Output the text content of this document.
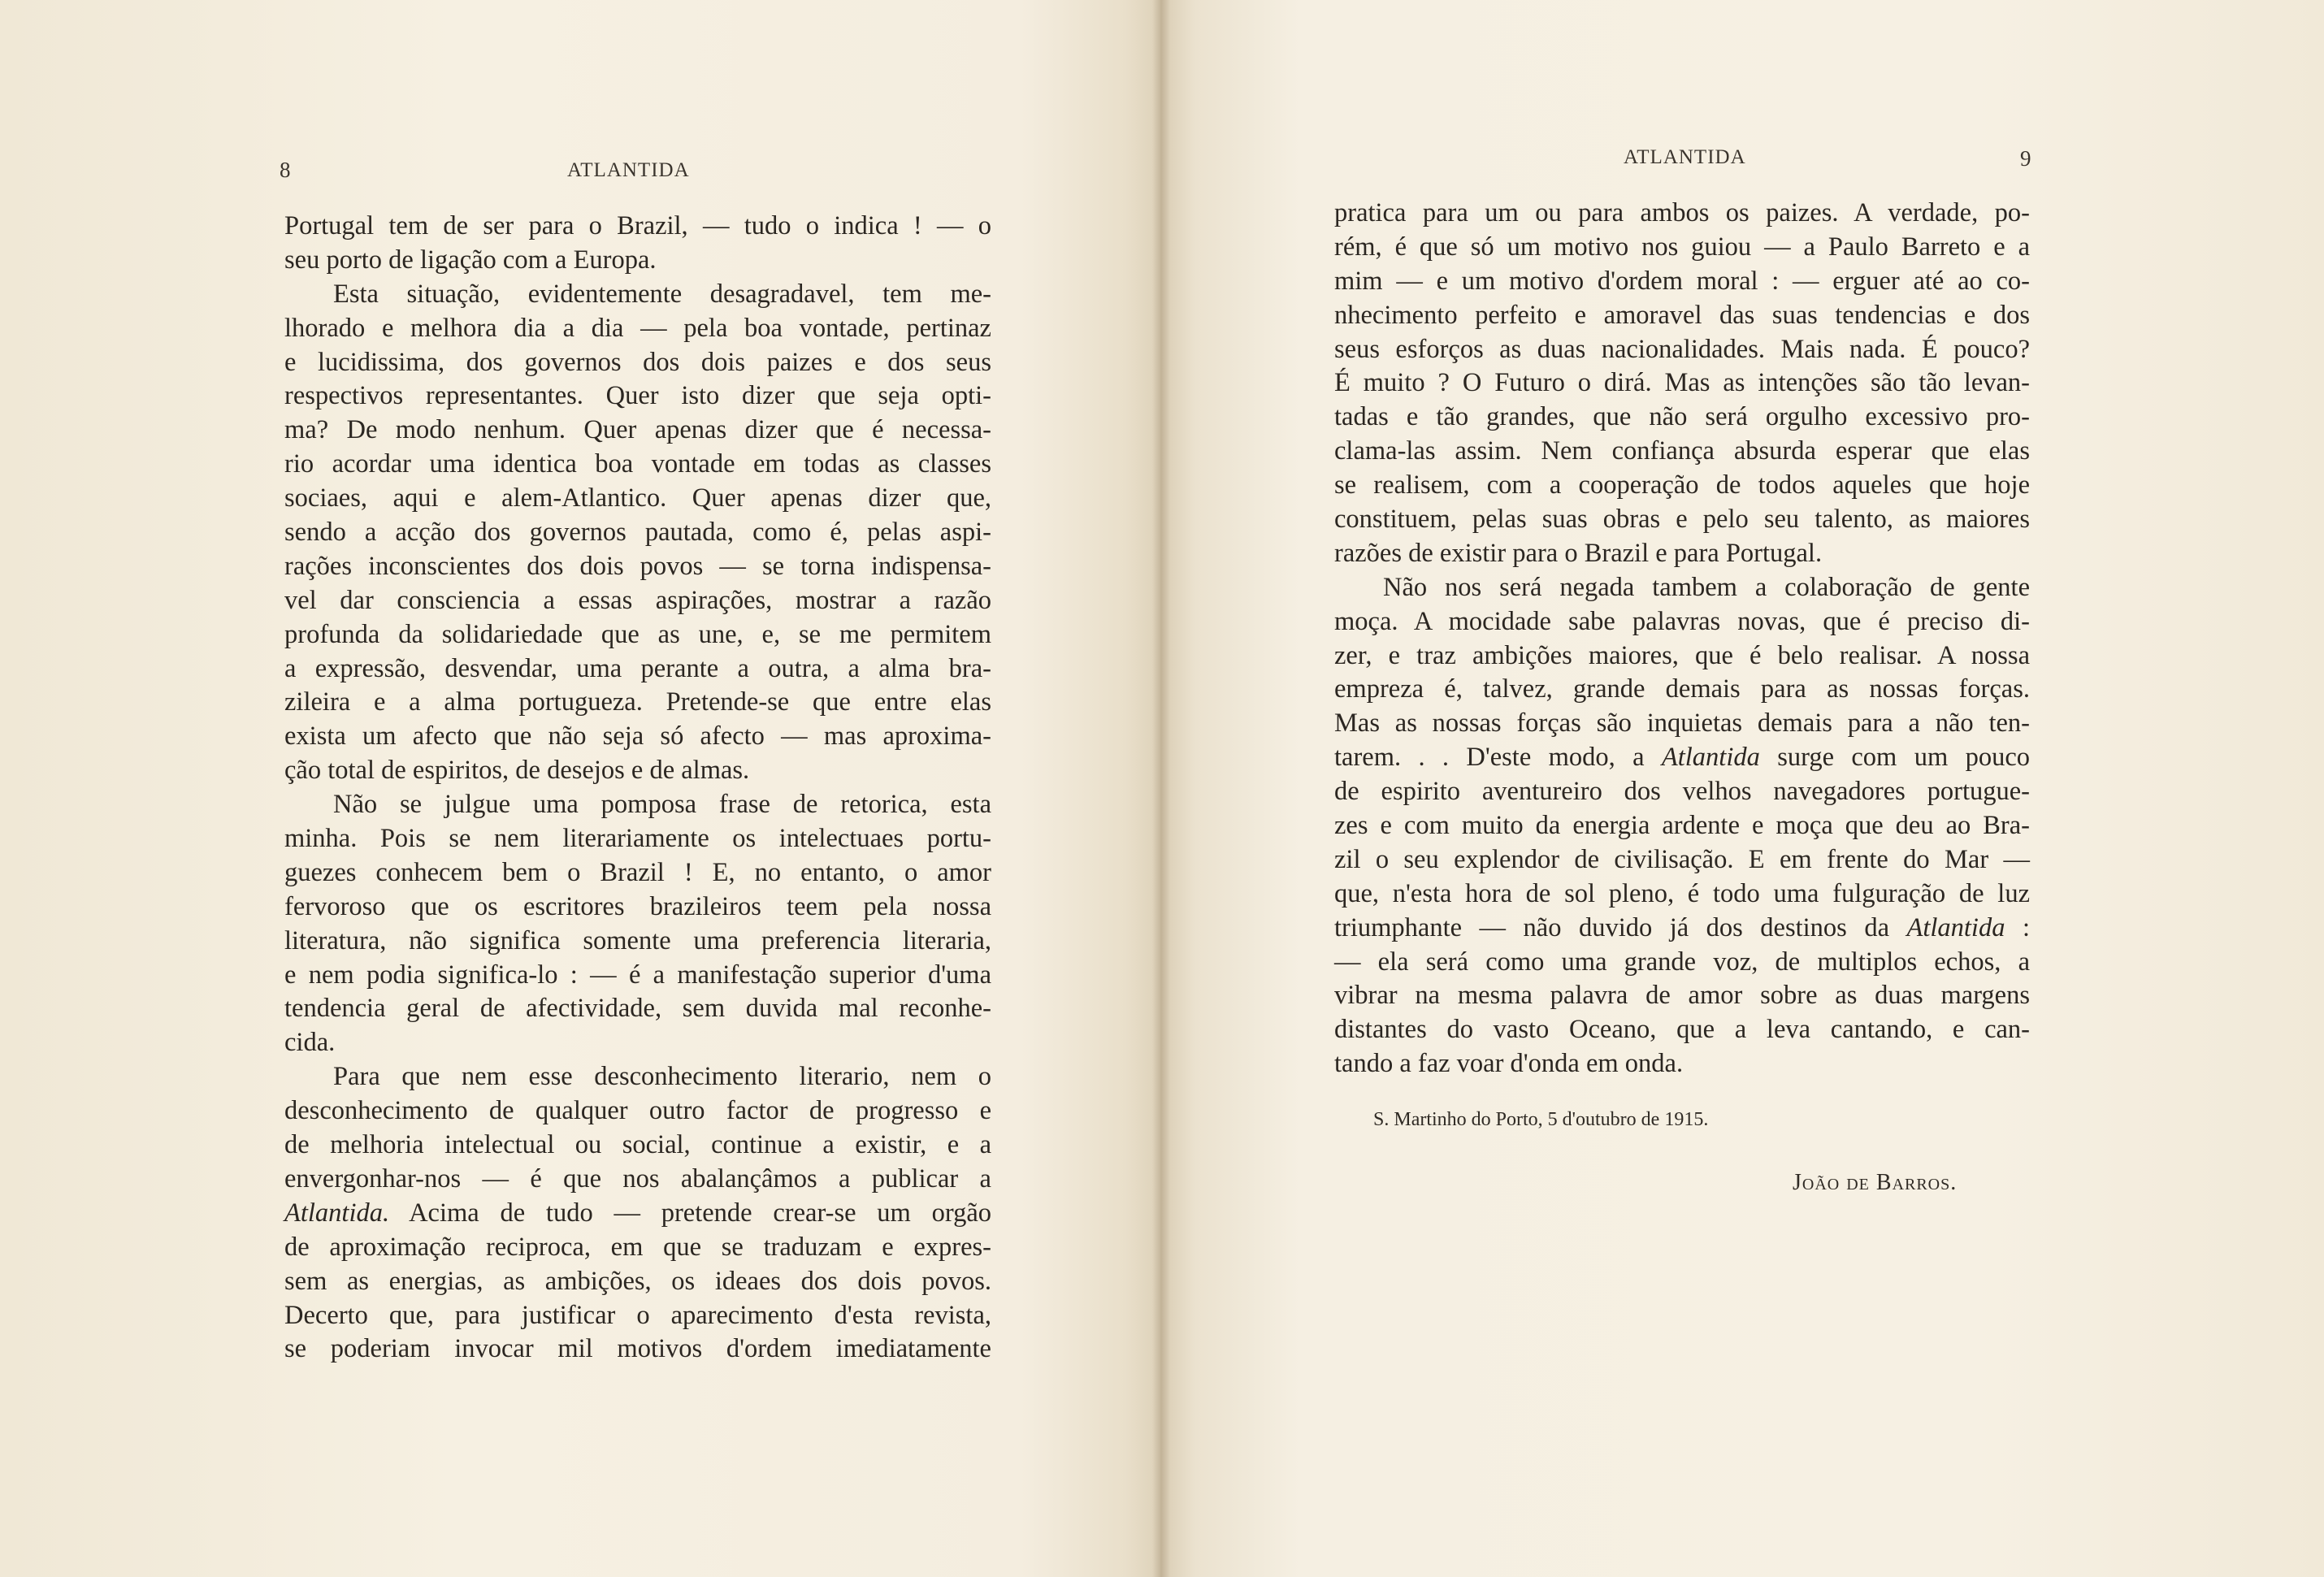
8	ATLANTIDA
Portugal tem de ser para o Brazil, — tudo o indica ! — o
seu porto de ligação com a Europa.
Esta situação, evidentemente desagradavel, tem me-
lhorado e melhora dia a dia — pela boa vontade, pertinaz
e lucidissima, dos governos dos dois paizes e dos seus
respectivos representantes. Quer isto dizer que seja opti-
ma? De modo nenhum. Quer apenas dizer que é necessa-
rio acordar uma identica boa vontade em todas as classes
sociaes, aqui e alem-Atlantico. Quer apenas dizer que,
sendo a acção dos governos pautada, como é, pelas aspi-
rações inconscientes dos dois povos — se torna indispensa-
vel dar consciencia a essas aspirações, mostrar a razão
profunda da solidariedade que as une, e, se me permitem
a expressão, desvendar, uma perante a outra, a alma bra-
zileira e a alma portugueza. Pretende-se que entre elas
exista um afecto que não seja só afecto — mas aproxima-
ção total de espiritos, de desejos e de almas.
Não se julgue uma pomposa frase de retorica, esta
minha. Pois se nem literariamente os intelectuaes portu-
guezes conhecem bem o Brazil ! E, no entanto, o amor
fervoroso que os escritores brazileiros teem pela nossa
literatura, não significa somente uma preferencia literaria,
e nem podia significa-lo : — é a manifestação superior d'uma
tendencia geral de afectividade, sem duvida mal reconhe-
cida.
Para que nem esse desconhecimento literario, nem o
desconhecimento de qualquer outro factor de progresso e
de melhoria intelectual ou social, continue a existir, e a
envergonhar-nos — é que nos abalançâmos a publicar a
Atlantida. Acima de tudo — pretende crear-se um orgão
de aproximação reciproca, em que se traduzam e expres-
sem as energias, as ambições, os ideaes dos dois povos.
Decerto que, para justificar o aparecimento d'esta revista,
se poderiam invocar mil motivos d'ordem imediatamente
ATLANTIDA	9
pratica para um ou para ambos os paizes. A verdade, po-
rém, é que só um motivo nos guiou — a Paulo Barreto e a
mim — e um motivo d'ordem moral : — erguer até ao co-
nhecimento perfeito e amoravel das suas tendencias e dos
seus esforços as duas nacionalidades. Mais nada. É pouco?
É muito ? O Futuro o dirá. Mas as intenções são tão levan-
tadas e tão grandes, que não será orgulho excessivo pro-
clama-las assim. Nem confiança absurda esperar que elas
se realisem, com a cooperação de todos aqueles que hoje
constituem, pelas suas obras e pelo seu talento, as maiores
razões de existir para o Brazil e para Portugal.
Não nos será negada tambem a colaboração de gente
moça. A mocidade sabe palavras novas, que é preciso di-
zer, e traz ambições maiores, que é belo realisar. A nossa
empreza é, talvez, grande demais para as nossas forças.
Mas as nossas forças são inquietas demais para a não ten-
tarem. . . D'este modo, a Atlantida surge com um pouco
de espirito aventureiro dos velhos navegadores portugue-
zes e com muito da energia ardente e moça que deu ao Bra-
zil o seu explendor de civilisação. E em frente do Mar —
que, n'esta hora de sol pleno, é todo uma fulguração de luz
triumphante — não duvido já dos destinos da Atlantida :
— ela será como uma grande voz, de multiplos echos, a
vibrar na mesma palavra de amor sobre as duas margens
distantes do vasto Oceano, que a leva cantando, e can-
tando a faz voar d'onda em onda.
S. Martinho do Porto, 5 d'outubro de 1915.
João de Barros.
